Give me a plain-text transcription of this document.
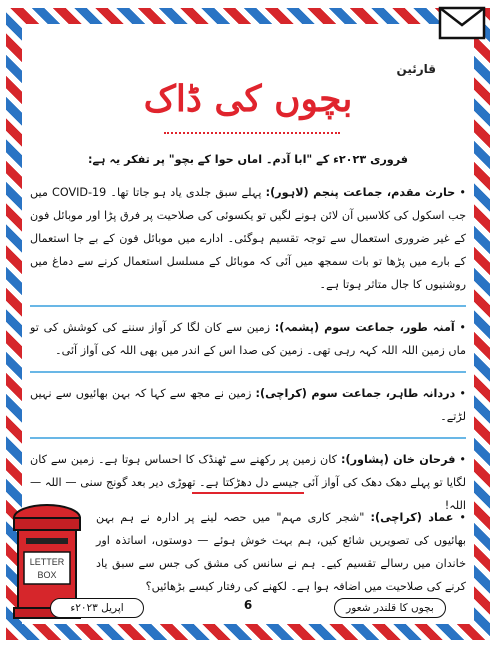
قارئین
بچوں کی ڈاک

فروری ۲۰۲۳ء کے "ابا آدم۔ اماں حوا کے بچو" پر تفکر یہ ہے:

• حارث مقدم، جماعت پنجم (لاہور): پہلے سبق جلدی یاد ہو جاتا تھا۔ COVID-19 میں جب اسکول کی کلاسیں آن لائن ہونے لگیں تو یکسوئی کی صلاحیت پر فرق پڑا اور موبائل فون کے غیر ضروری استعمال سے توجہ تقسیم ہوگئی۔ ادارے میں موبائل فون کے بے جا استعمال کے بارے میں پڑھا تو بات سمجھ میں آئی کہ موبائل کے مسلسل استعمال کرنے سے دماغ میں روشنیوں کا جال متاثر ہوتا ہے۔

• آمنہ طور، جماعت سوم (پشمہ): زمین سے کان لگا کر آواز سننے کی کوشش کی تو ماں زمین اللہ اللہ کہہ رہی تھی۔ زمین کی صدا اس کے اندر میں بھی اللہ کی آواز آئی۔

• دردانہ طاہر، جماعت سوم (کراچی): زمین نے مجھ سے کہا کہ بہن بھائیوں سے نہیں لڑتے۔

• فرحان خان (پشاور): کان زمین پر رکھنے سے ٹھنڈک کا احساس ہوتا ہے۔ زمین سے کان لگایا تو پہلے دھک دھک کی آواز آئی جیسے دل دھڑکتا ہے۔ تھوڑی دیر بعد گونج سنی — اللہ — اللہ!

LETTER
BOX

• عماد (کراچی): "شجر کاری مہم" میں حصہ لینے پر ادارہ نے ہم بہن بھائیوں کی تصویریں شائع کیں، ہم بہت خوش ہوئے — دوستوں، اساتذہ اور خاندان میں رسالے تقسیم کیے۔ ہم نے سانس کی مشق کی جس سے سبق یاد کرنے کی صلاحیت میں اضافہ ہوا ہے۔ لکھنے کی رفتار کیسے بڑھائیں؟

اپریل ۲۰۲۳ء	6	بچوں کا قلندر شعور
